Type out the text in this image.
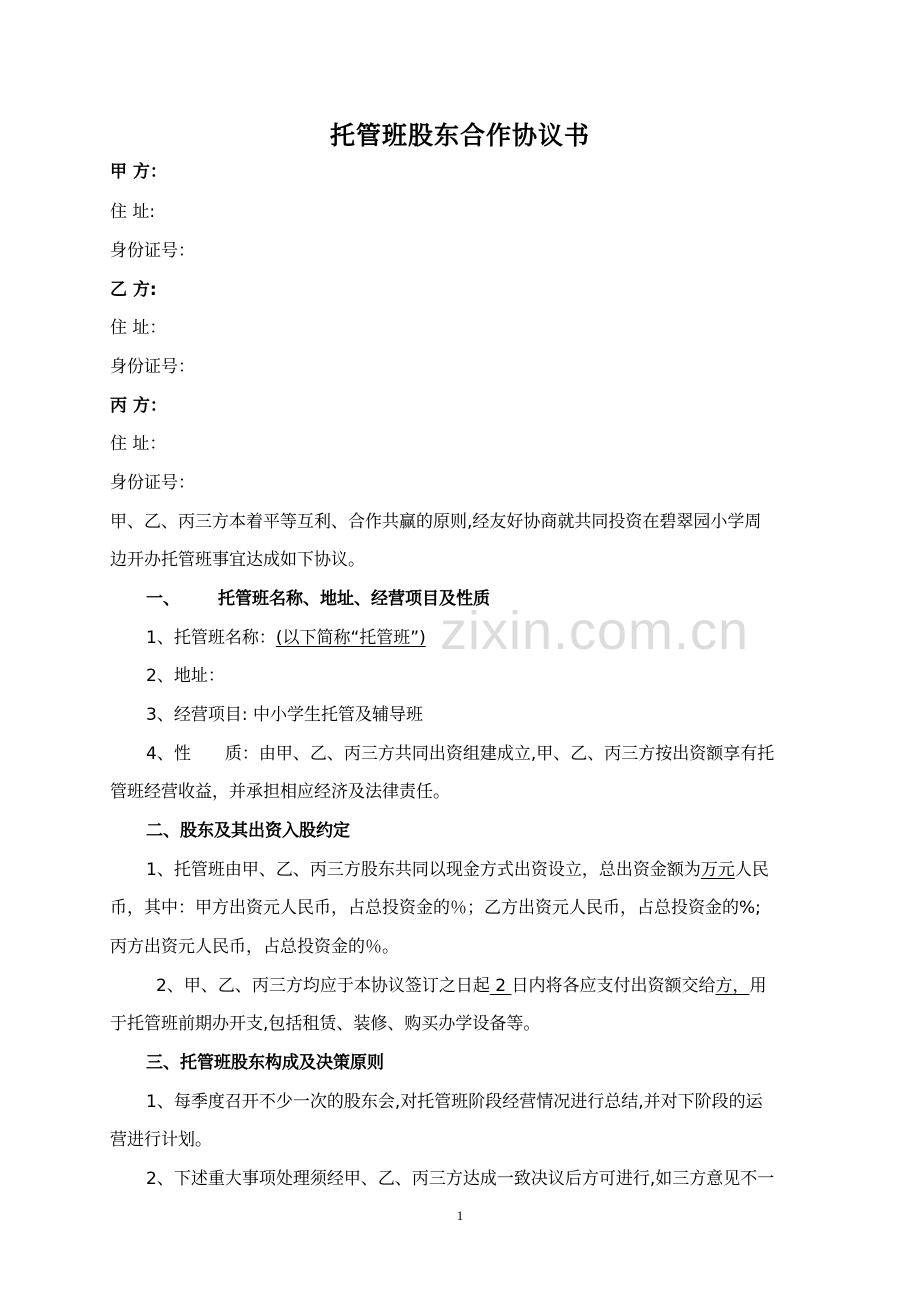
托管班股东合作协议书
甲 方：
住 址:
身份证号：
乙 方:
住 址：
身份证号：
丙 方：
住 址：
身份证号：
甲、乙、丙三方本着平等互利、合作共赢的原则,经友好协商就共同投资在碧翠园小学周
边开办托管班事宜达成如下协议。
一、 托管班名称、地址、经营项目及性质
1、托管班名称：(以下简称“托管班”)
2、地址：
3、经营项目: 中小学生托管及辅导班
4、性 质：由甲、乙、丙三方共同出资组建成立,甲、乙、丙三方按出资额享有托
管班经营收益，并承担相应经济及法律责任。
二、股东及其出资入股约定
1、托管班由甲、乙、丙三方股东共同以现金方式出资设立，总出资金额为万元人民
币，其中：甲方出资元人民币，占总投资金的％；乙方出资元人民币，占总投资金的%;
丙方出资元人民币，占总投资金的％。
2、甲、乙、丙三方均应于本协议签订之日起 2 日内将各应支付出资额交给方，用
于托管班前期办开支,包括租赁、装修、购买办学设备等。
三、托管班股东构成及决策原则
1、每季度召开不少一次的股东会,对托管班阶段经营情况进行总结,并对下阶段的运
营进行计划。
2、下述重大事项处理须经甲、乙、丙三方达成一致决议后方可进行,如三方意见不一
zixin.com.cn
1
